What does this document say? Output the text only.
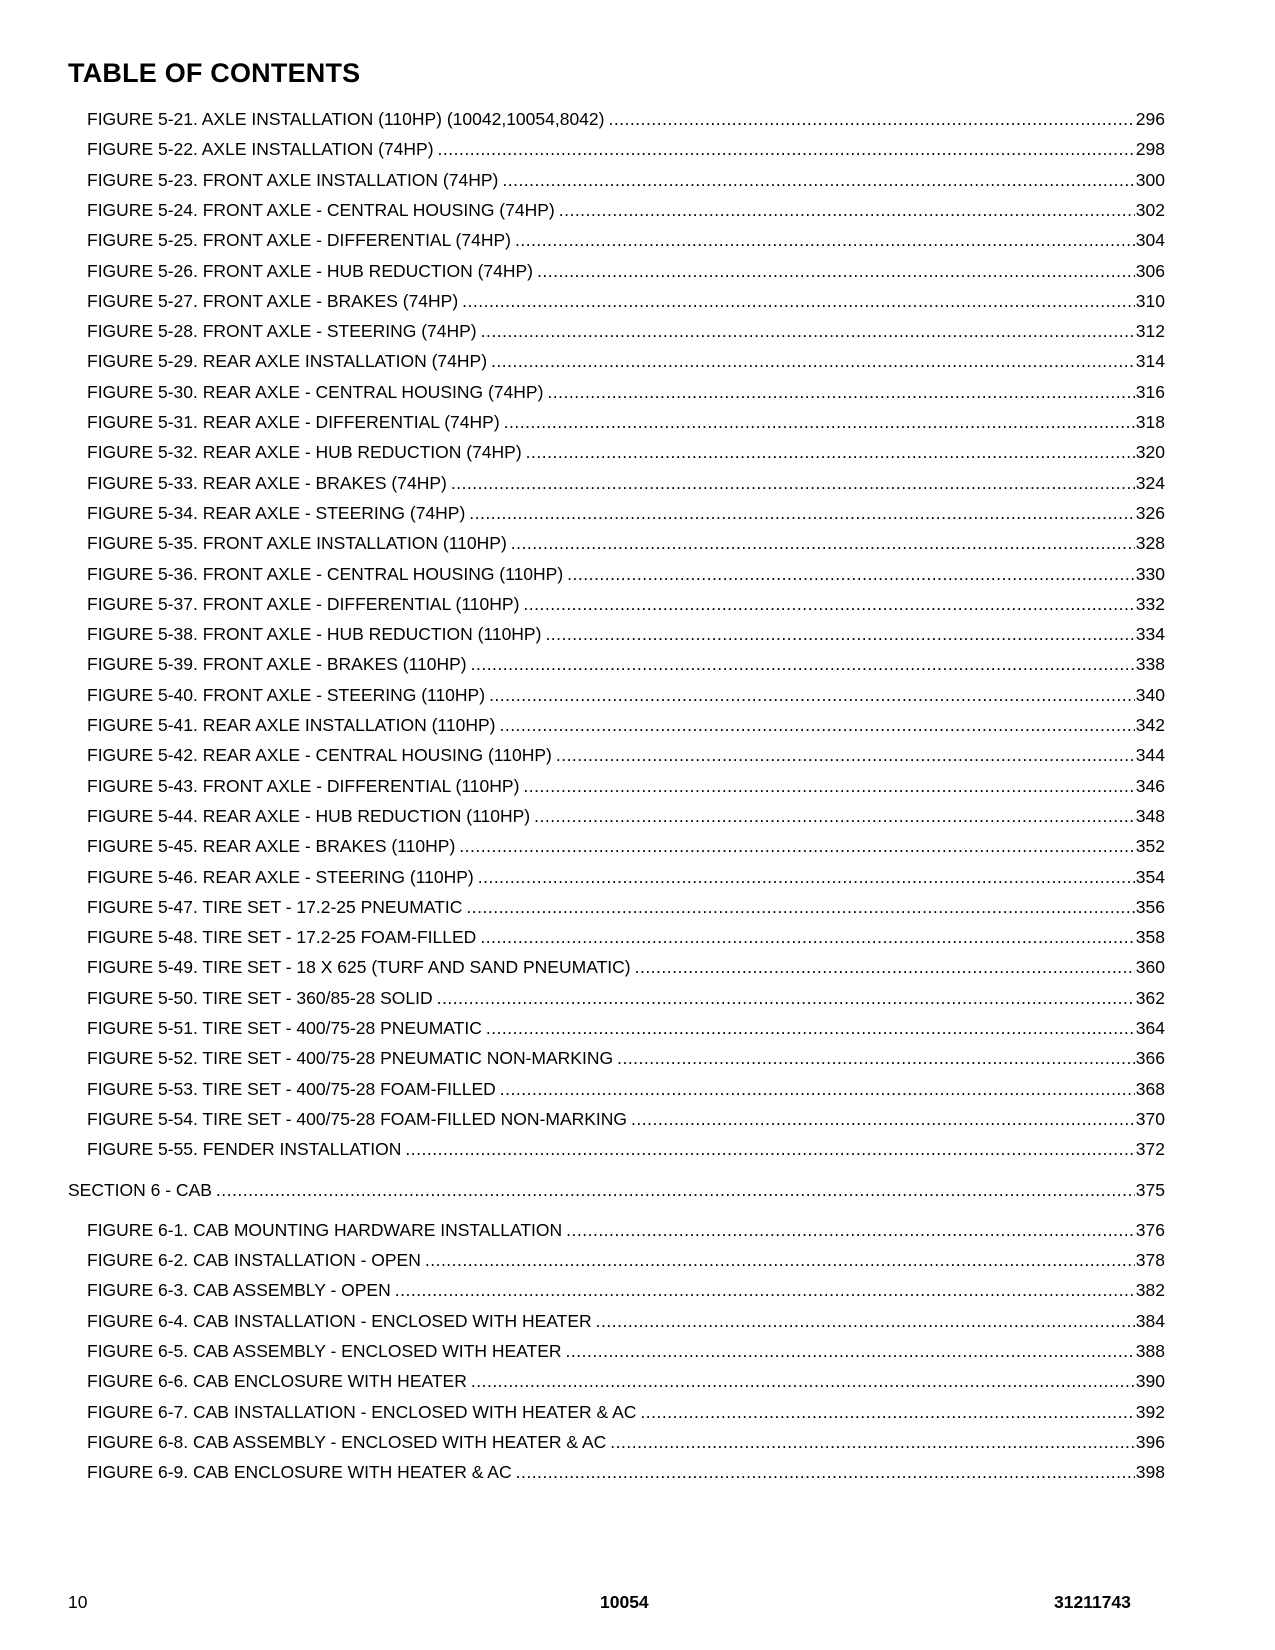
TABLE OF CONTENTS
FIGURE 5-21. AXLE INSTALLATION (110HP) (10042,10054,8042) .....	296
FIGURE 5-22. AXLE INSTALLATION (74HP) .....	298
FIGURE 5-23. FRONT AXLE INSTALLATION (74HP) .....	300
FIGURE 5-24. FRONT AXLE - CENTRAL HOUSING (74HP) .....	302
FIGURE 5-25. FRONT AXLE - DIFFERENTIAL (74HP) .....	304
FIGURE 5-26. FRONT AXLE - HUB REDUCTION (74HP) .....	306
FIGURE 5-27. FRONT AXLE - BRAKES (74HP) .....	310
FIGURE 5-28. FRONT AXLE - STEERING (74HP) .....	312
FIGURE 5-29. REAR AXLE INSTALLATION (74HP) .....	314
FIGURE 5-30. REAR AXLE - CENTRAL HOUSING (74HP) .....	316
FIGURE 5-31. REAR AXLE - DIFFERENTIAL (74HP) .....	318
FIGURE 5-32. REAR AXLE - HUB REDUCTION (74HP) .....	320
FIGURE 5-33. REAR AXLE - BRAKES (74HP) .....	324
FIGURE 5-34. REAR AXLE - STEERING (74HP) .....	326
FIGURE 5-35. FRONT AXLE INSTALLATION (110HP) .....	328
FIGURE 5-36. FRONT AXLE - CENTRAL HOUSING (110HP) .....	330
FIGURE 5-37. FRONT AXLE - DIFFERENTIAL (110HP) .....	332
FIGURE 5-38. FRONT AXLE - HUB REDUCTION (110HP) .....	334
FIGURE 5-39. FRONT AXLE - BRAKES (110HP) .....	338
FIGURE 5-40. FRONT AXLE - STEERING (110HP) .....	340
FIGURE 5-41. REAR AXLE INSTALLATION (110HP) .....	342
FIGURE 5-42. REAR AXLE - CENTRAL HOUSING (110HP) .....	344
FIGURE 5-43. FRONT AXLE - DIFFERENTIAL (110HP) .....	346
FIGURE 5-44. REAR AXLE - HUB REDUCTION (110HP) .....	348
FIGURE 5-45. REAR AXLE - BRAKES (110HP) .....	352
FIGURE 5-46. REAR AXLE - STEERING (110HP) .....	354
FIGURE 5-47. TIRE SET - 17.2-25 PNEUMATIC .....	356
FIGURE 5-48. TIRE SET - 17.2-25 FOAM-FILLED .....	358
FIGURE 5-49. TIRE SET - 18 X 625 (TURF AND SAND PNEUMATIC) .....	360
FIGURE 5-50. TIRE SET - 360/85-28 SOLID .....	362
FIGURE 5-51. TIRE SET - 400/75-28 PNEUMATIC .....	364
FIGURE 5-52. TIRE SET - 400/75-28 PNEUMATIC NON-MARKING .....	366
FIGURE 5-53. TIRE SET - 400/75-28 FOAM-FILLED .....	368
FIGURE 5-54. TIRE SET - 400/75-28 FOAM-FILLED NON-MARKING .....	370
FIGURE 5-55. FENDER INSTALLATION .....	372
SECTION 6 - CAB .....	375
FIGURE 6-1. CAB MOUNTING HARDWARE INSTALLATION .....	376
FIGURE 6-2. CAB INSTALLATION - OPEN .....	378
FIGURE 6-3. CAB ASSEMBLY - OPEN .....	382
FIGURE 6-4. CAB INSTALLATION - ENCLOSED WITH HEATER .....	384
FIGURE 6-5. CAB ASSEMBLY - ENCLOSED WITH HEATER .....	388
FIGURE 6-6. CAB ENCLOSURE WITH HEATER .....	390
FIGURE 6-7. CAB INSTALLATION - ENCLOSED WITH HEATER & AC .....	392
FIGURE 6-8. CAB ASSEMBLY - ENCLOSED WITH HEATER & AC .....	396
FIGURE 6-9. CAB ENCLOSURE WITH HEATER & AC .....	398
10	10054	31211743
